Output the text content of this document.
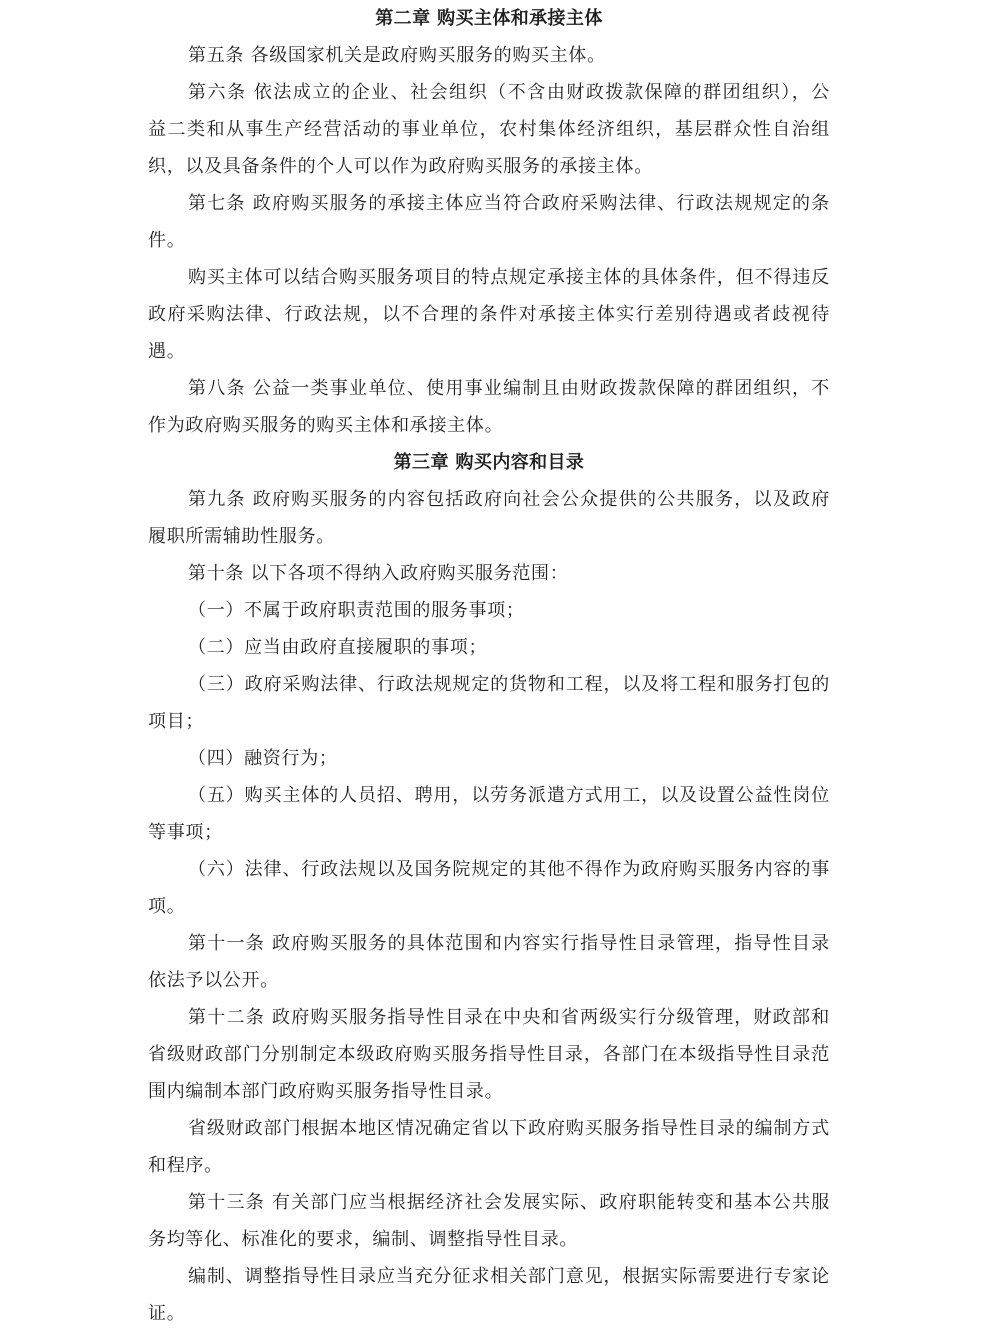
第二章 购买主体和承接主体
第五条 各级国家机关是政府购买服务的购买主体。
第六条 依法成立的企业、社会组织（不含由财政拨款保障的群团组织），公
益二类和从事生产经营活动的事业单位，农村集体经济组织，基层群众性自治组
织，以及具备条件的个人可以作为政府购买服务的承接主体。
第七条 政府购买服务的承接主体应当符合政府采购法律、行政法规规定的条
件。
购买主体可以结合购买服务项目的特点规定承接主体的具体条件，但不得违反
政府采购法律、行政法规，以不合理的条件对承接主体实行差别待遇或者歧视待
遇。
第八条 公益一类事业单位、使用事业编制且由财政拨款保障的群团组织，不
作为政府购买服务的购买主体和承接主体。
第三章 购买内容和目录
第九条 政府购买服务的内容包括政府向社会公众提供的公共服务，以及政府
履职所需辅助性服务。
第十条 以下各项不得纳入政府购买服务范围：
（一）不属于政府职责范围的服务事项；
（二）应当由政府直接履职的事项；
（三）政府采购法律、行政法规规定的货物和工程，以及将工程和服务打包的
项目；
（四）融资行为；
（五）购买主体的人员招、聘用，以劳务派遣方式用工，以及设置公益性岗位
等事项；
（六）法律、行政法规以及国务院规定的其他不得作为政府购买服务内容的事
项。
第十一条 政府购买服务的具体范围和内容实行指导性目录管理，指导性目录
依法予以公开。
第十二条 政府购买服务指导性目录在中央和省两级实行分级管理，财政部和
省级财政部门分别制定本级政府购买服务指导性目录，各部门在本级指导性目录范
围内编制本部门政府购买服务指导性目录。
省级财政部门根据本地区情况确定省以下政府购买服务指导性目录的编制方式
和程序。
第十三条 有关部门应当根据经济社会发展实际、政府职能转变和基本公共服
务均等化、标准化的要求，编制、调整指导性目录。
编制、调整指导性目录应当充分征求相关部门意见，根据实际需要进行专家论
证。
